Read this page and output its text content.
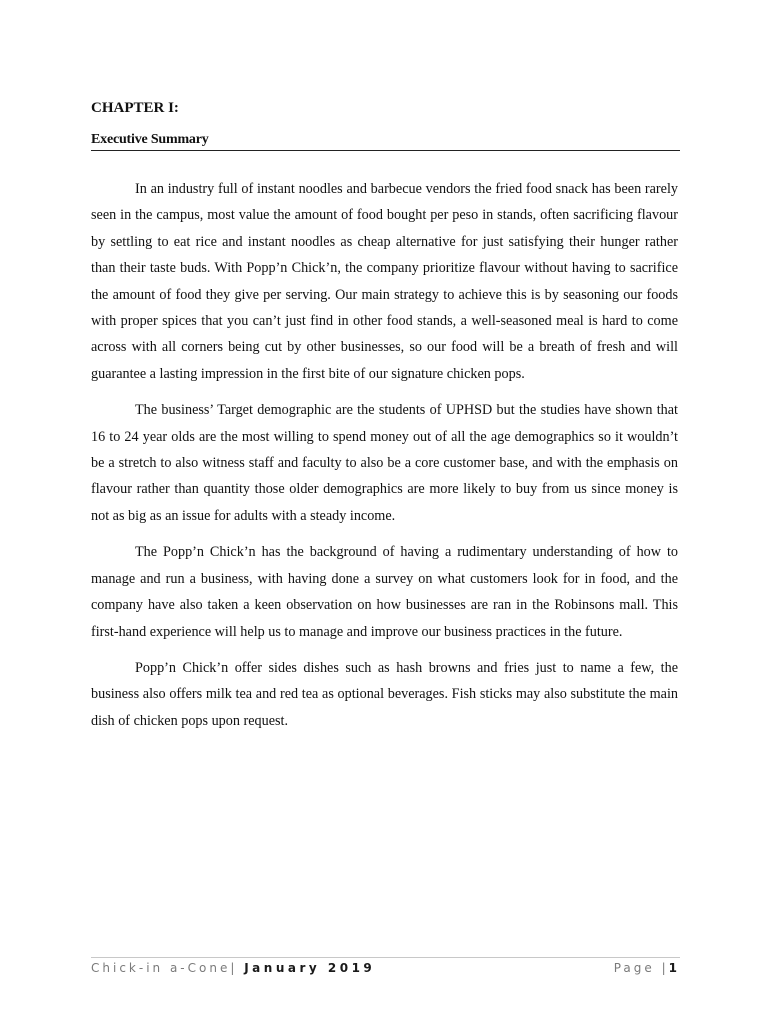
CHAPTER I:
Executive Summary

In an industry full of instant noodles and barbecue vendors the fried food snack has been rarely seen in the campus, most value the amount of food bought per peso in stands, often sacrificing flavour by settling to eat rice and instant noodles as cheap alternative for just satisfying their hunger rather than their taste buds. With Popp’n Chick’n, the company prioritize flavour without having to sacrifice the amount of food they give per serving. Our main strategy to achieve this is by seasoning our foods with proper spices that you can’t just find in other food stands, a well-seasoned meal is hard to come across with all corners being cut by other businesses, so our food will be a breath of fresh and will guarantee a lasting impression in the first bite of our signature chicken pops.

The business’ Target demographic are the students of UPHSD but the studies have shown that 16 to 24 year olds are the most willing to spend money out of all the age demographics so it wouldn’t be a stretch to also witness staff and faculty to also be a core customer base, and with the emphasis on flavour rather than quantity those older demographics are more likely to buy from us since money is not as big as an issue for adults with a steady income.

The Popp’n Chick’n has the background of having a rudimentary understanding of how to manage and run a business, with having done a survey on what customers look for in food, and the company have also taken a keen observation on how businesses are ran in the Robinsons mall. This first-hand experience will help us to manage and improve our business practices in the future.

Popp’n Chick’n offer sides dishes such as hash browns and fries just to name a few, the business also offers milk tea and red tea as optional beverages. Fish sticks may also substitute the main dish of chicken pops upon request.

Chick-in a-Cone| January 2019	Page |1
